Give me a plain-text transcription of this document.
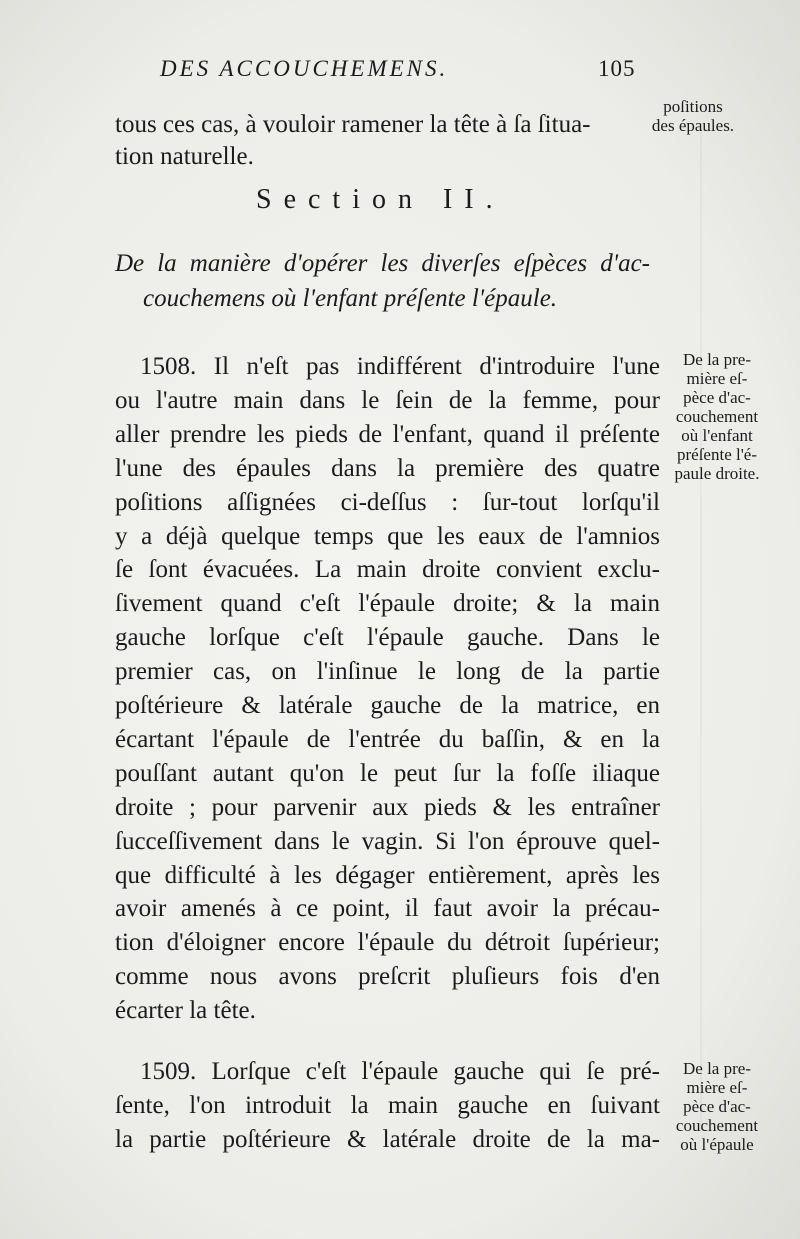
DES ACCOUCHEMENS.	105
tous ces cas, à vouloir ramener la tête à ſa ſitua-
tion naturelle.
Section II.
De la manière d'opérer les diverſes eſpèces d'ac-
couchemens où l'enfant préſente l'épaule.
1508. Il n'eſt pas indifférent d'introduire l'une
ou l'autre main dans le ſein de la femme, pour
aller prendre les pieds de l'enfant, quand il préſente
l'une des épaules dans la première des quatre
poſitions aſſignées ci-deſſus : ſur-tout lorſqu'il
y a déjà quelque temps que les eaux de l'amnios
ſe ſont évacuées. La main droite convient exclu-
ſivement quand c'eſt l'épaule droite; & la main
gauche lorſque c'eſt l'épaule gauche. Dans le
premier cas, on l'inſinue le long de la partie
poſtérieure & latérale gauche de la matrice, en
écartant l'épaule de l'entrée du baſſin, & en la
pouſſant autant qu'on le peut ſur la foſſe iliaque
droite ; pour parvenir aux pieds & les entraîner
ſucceſſivement dans le vagin. Si l'on éprouve quel-
que difficulté à les dégager entièrement, après les
avoir amenés à ce point, il faut avoir la précau-
tion d'éloigner encore l'épaule du détroit ſupérieur;
comme nous avons preſcrit pluſieurs fois d'en
écarter la tête.
1509. Lorſque c'eſt l'épaule gauche qui ſe pré-
ſente, l'on introduit la main gauche en ſuivant
la partie poſtérieure & latérale droite de la ma-
poſitions
des épaules.
De la pre-
mière eſ-
pèce d'ac-
couchement
où l'enfant
préſente l'é-
paule droite.
De la pre-
mière eſ-
pèce d'ac-
couchement
où l'épaule
